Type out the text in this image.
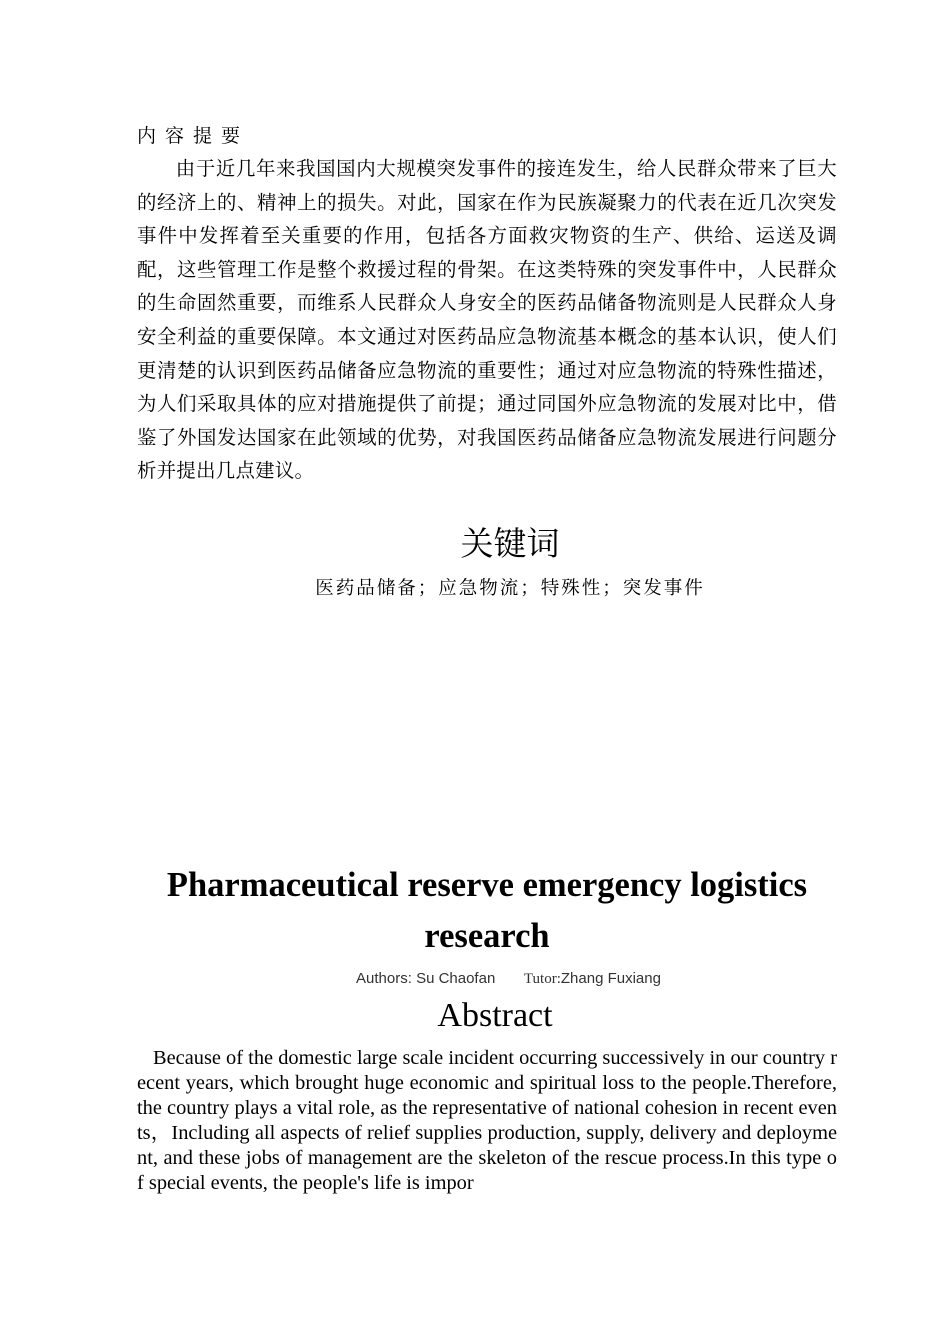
内容提要
由于近几年来我国国内大规模突发事件的接连发生，给人民群众带来了巨大的经济上的、精神上的损失。对此，国家在作为民族凝聚力的代表在近几次突发事件中发挥着至关重要的作用，包括各方面救灾物资的生产、供给、运送及调配，这些管理工作是整个救援过程的骨架。在这类特殊的突发事件中，人民群众的生命固然重要，而维系人民群众人身安全的医药品储备物流则是人民群众人身安全利益的重要保障。本文通过对医药品应急物流基本概念的基本认识，使人们更清楚的认识到医药品储备应急物流的重要性；通过对应急物流的特殊性描述，为人们采取具体的应对措施提供了前提；通过同国外应急物流的发展对比中，借鉴了外国发达国家在此领域的优势，对我国医药品储备应急物流发展进行问题分析并提出几点建议。
关键词
医药品储备；应急物流；特殊性；突发事件
Pharmaceutical reserve emergency logistics research
Authors: Su Chaofan Tutor:Zhang Fuxiang
Abstract
Because of the domestic large scale incident occurring successively in our country recent years, which brought huge economic and spiritual loss to the people.Therefore, the country plays a vital role, as the representative of national cohesion in recent events，Including all aspects of relief supplies production, supply, delivery and deployment, and these jobs of management are the skeleton of the rescue process.In this type of special events, the people's life is impor
